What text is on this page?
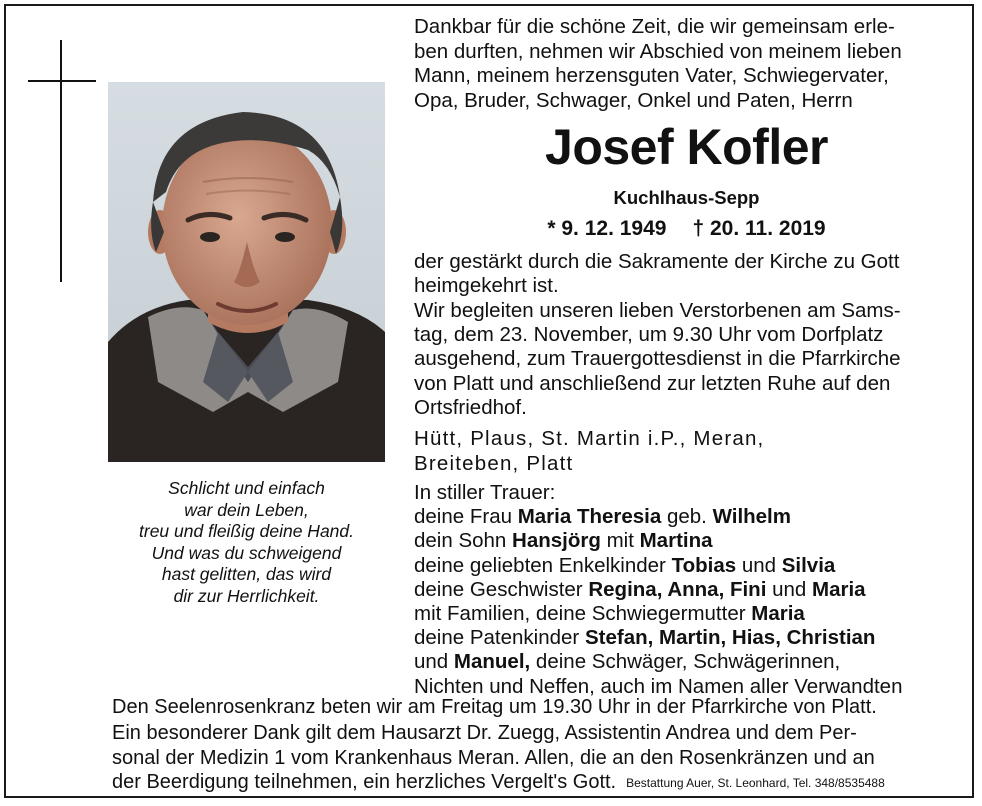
Schlicht und einfach
war dein Leben,
treu und fleißig deine Hand.
Und was du schweigend
hast gelitten, das wird
dir zur Herrlichkeit.
Dankbar für die schöne Zeit, die wir gemeinsam erle-
ben durften, nehmen wir Abschied von meinem lieben
Mann, meinem herzensguten Vater, Schwiegervater,
Opa, Bruder, Schwager, Onkel und Paten, Herrn
Josef Kofler
Kuchlhaus-Sepp
* 9. 12. 1949 † 20. 11. 2019
der gestärkt durch die Sakramente der Kirche zu Gott
heimgekehrt ist.
Wir begleiten unseren lieben Verstorbenen am Sams-
tag, dem 23. November, um 9.30 Uhr vom Dorfplatz
ausgehend, zum Trauergottesdienst in die Pfarrkirche
von Platt und anschließend zur letzten Ruhe auf den
Ortsfriedhof.
Hütt, Plaus, St. Martin i.P., Meran,
Breiteben, Platt
In stiller Trauer:
deine Frau Maria Theresia geb. Wilhelm
dein Sohn Hansjörg mit Martina
deine geliebten Enkelkinder Tobias und Silvia
deine Geschwister Regina, Anna, Fini und Maria
mit Familien, deine Schwiegermutter Maria
deine Patenkinder Stefan, Martin, Hias, Christian
und Manuel, deine Schwäger, Schwägerinnen,
Nichten und Neffen, auch im Namen aller Verwandten
Den Seelenrosenkranz beten wir am Freitag um 19.30 Uhr in der Pfarrkirche von Platt.
Ein besonderer Dank gilt dem Hausarzt Dr. Zuegg, Assistentin Andrea und dem Per-
sonal der Medizin 1 vom Krankenhaus Meran. Allen, die an den Rosenkränzen und an
der Beerdigung teilnehmen, ein herzliches Vergelt's Gott. Bestattung Auer, St. Leonhard, Tel. 348/8535488
